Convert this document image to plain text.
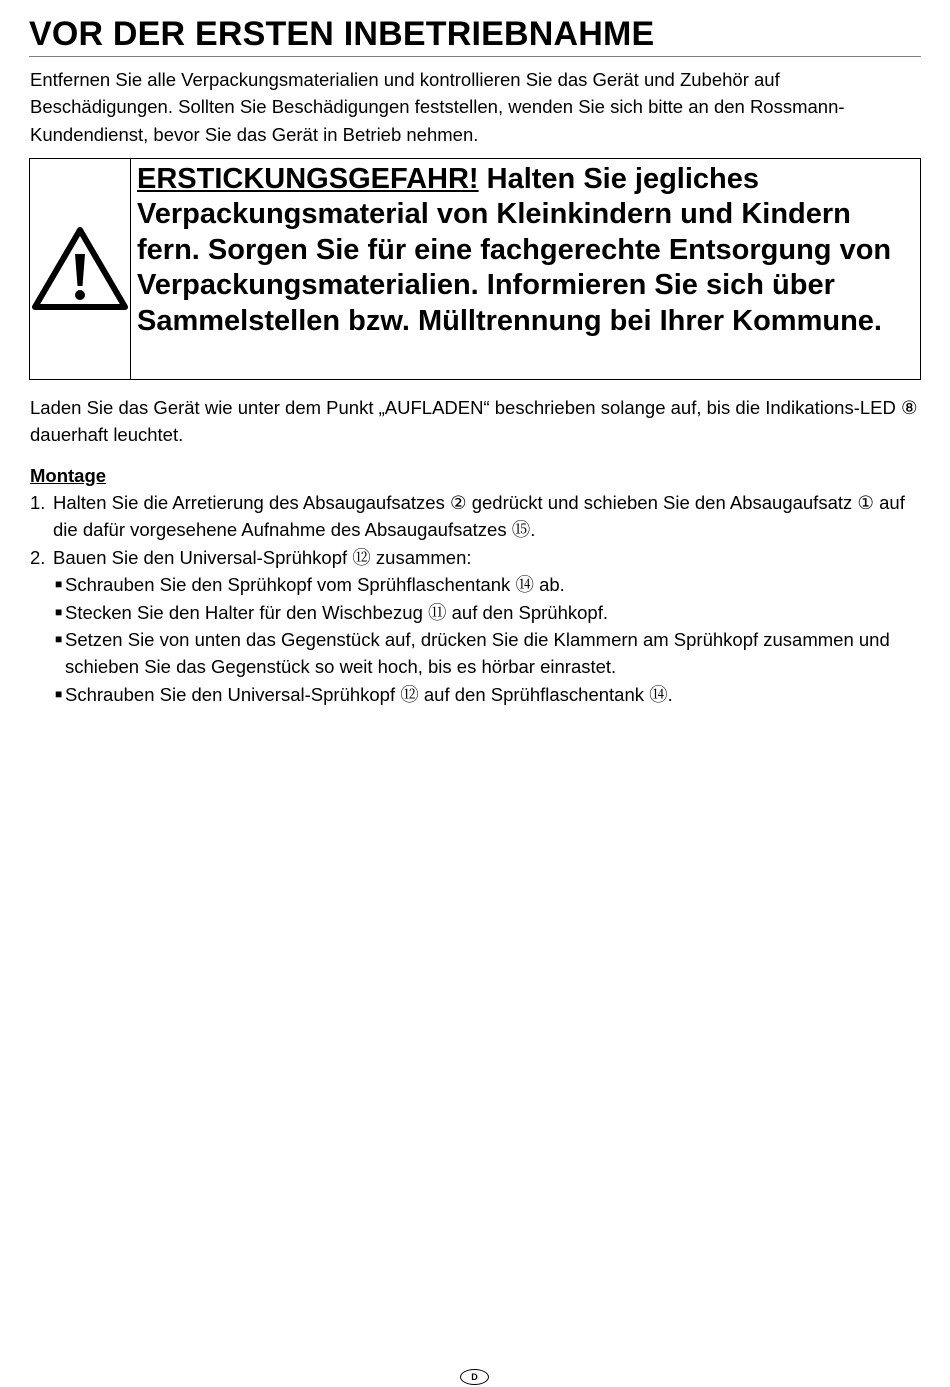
VOR DER ERSTEN INBETRIEBNAHME

Entfernen Sie alle Verpackungsmaterialien und kontrollieren Sie das Gerät und Zubehör auf Beschädigungen. Sollten Sie Beschädigungen feststellen, wenden Sie sich bitte an den Rossmann-Kundendienst, bevor Sie das Gerät in Betrieb nehmen.

ERSTICKUNGSGEFAHR! Halten Sie jegliches Verpackungsmaterial von Kleinkindern und Kindern fern. Sorgen Sie für eine fachgerechte Entsorgung von Verpackungsmaterialien. Informieren Sie sich über Sammelstellen bzw. Mülltrennung bei Ihrer Kommune.

Laden Sie das Gerät wie unter dem Punkt „AUFLADEN“ beschrieben solange auf, bis die Indikations-LED ⑧ dauerhaft leuchtet.

Montage
1. Halten Sie die Arretierung des Absaugaufsatzes ② gedrückt und schieben Sie den Absaugaufsatz ① auf die dafür vorgesehene Aufnahme des Absaugaufsatzes ⑮.
2. Bauen Sie den Universal-Sprühkopf ⑫ zusammen:
■ Schrauben Sie den Sprühkopf vom Sprühflaschentank ⑭ ab.
■ Stecken Sie den Halter für den Wischbezug ⑪ auf den Sprühkopf.
■ Setzen Sie von unten das Gegenstück auf, drücken Sie die Klammern am Sprühkopf zusammen und schieben Sie das Gegenstück so weit hoch, bis es hörbar einrastet.
■ Schrauben Sie den Universal-Sprühkopf ⑫ auf den Sprühflaschentank ⑭.
D
